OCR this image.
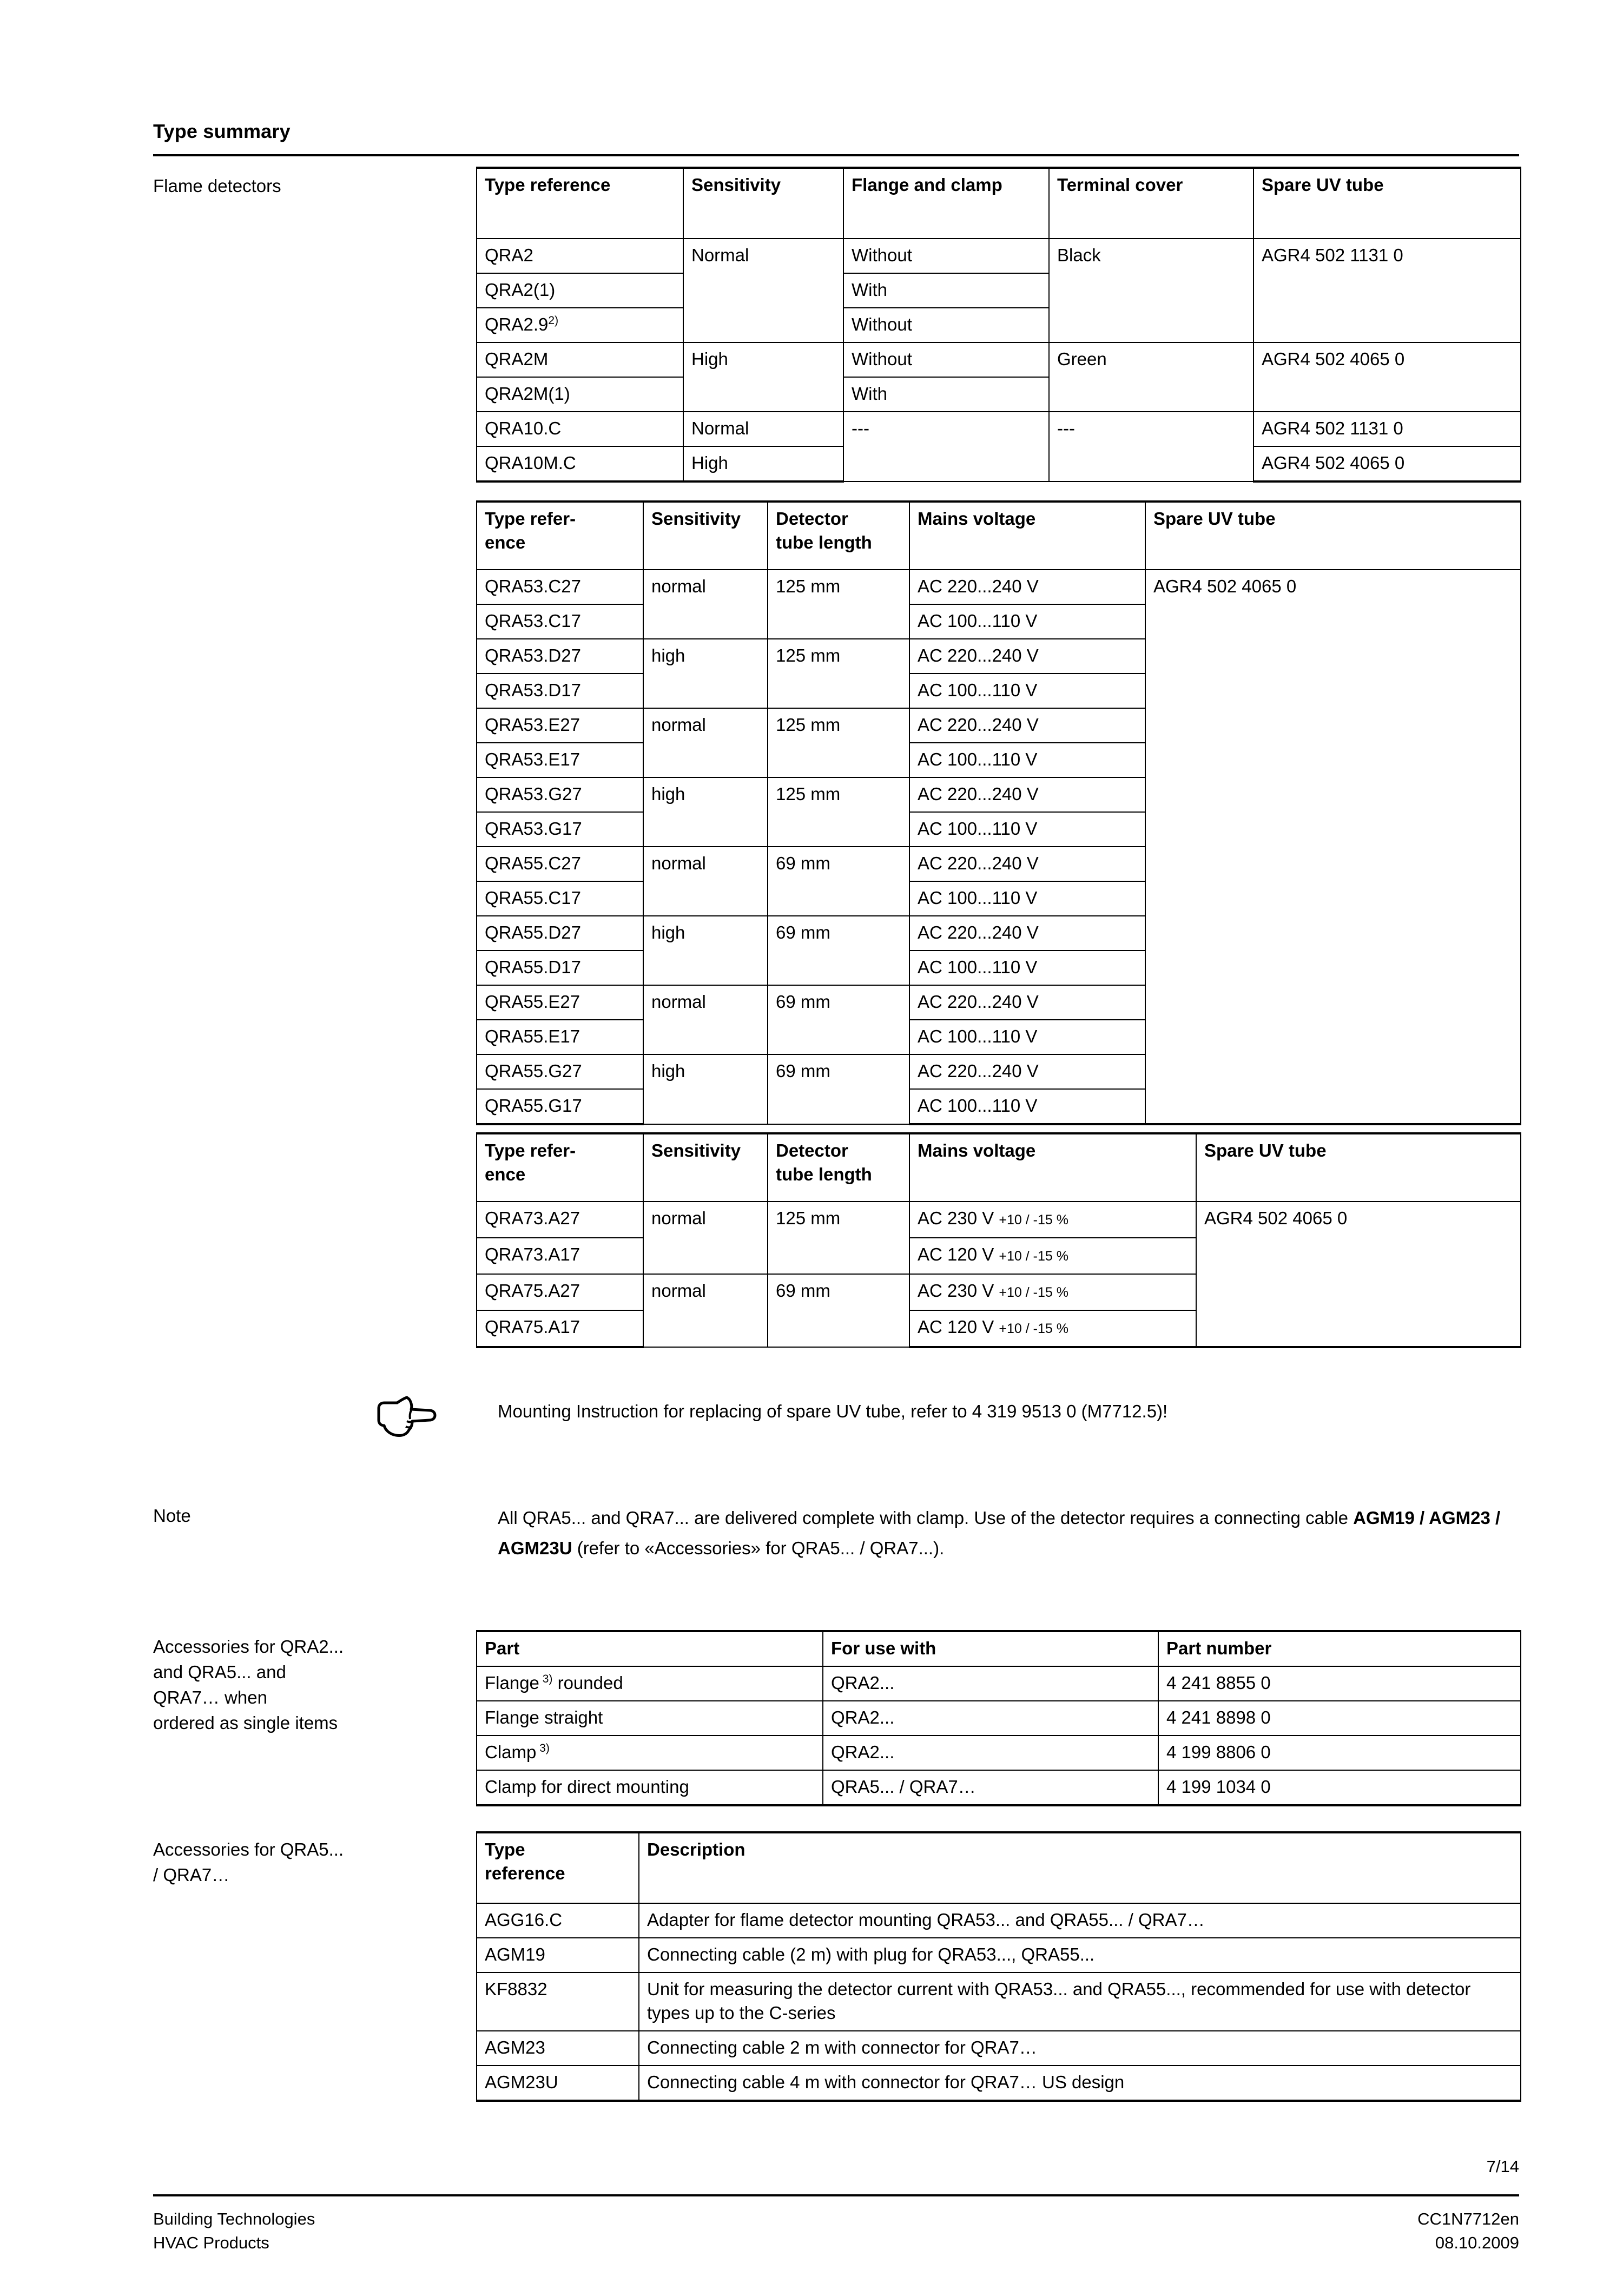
Type summary
Flame detectors	Type reference	Sensitivity	Flange and clamp	Terminal cover	Spare UV tube
QRA2	Normal	Without	Black	AGR4 502 1131 0
QRA2(1)		With		
QRA2.9$^{2)}$		Without		
QRA2M	High	Without	Green	AGR4 502 4065 0
QRA2M(1)		With		
QRA10.C	Normal	---	---	AGR4 502 1131 0
QRA10M.C	High			AGR4 502 4065 0
Type refer-
ence	Sensitivity	Detector
tube length	Mains voltage	Spare UV tube
QRA53.C27	normal	125 mm	AC 220...240 V	AGR4 502 4065 0
QRA53.C17			AC 100...110 V	
QRA53.D27	high	125 mm	AC 220...240 V	
QRA53.D17			AC 100...110 V	
QRA53.E27	normal	125 mm	AC 220...240 V	
QRA53.E17			AC 100...110 V	
QRA53.G27	high	125 mm	AC 220...240 V	
QRA53.G17			AC 100...110 V	
QRA55.C27	normal	69 mm	AC 220...240 V	
QRA55.C17			AC 100...110 V	
QRA55.D27	high	69 mm	AC 220...240 V	
QRA55.D17			AC 100...110 V	
QRA55.E27	normal	69 mm	AC 220...240 V	
QRA55.E17			AC 100...110 V	
QRA55.G27	high	69 mm	AC 220...240 V	
QRA55.G17			AC 100...110 V	
Type refer-
ence	Sensitivity	Detector
tube length	Mains voltage	Spare UV tube
QRA73.A27	normal	125 mm	AC 230 V +10 / -15 %	AGR4 502 4065 0
QRA73.A17			AC 120 V +10 / -15 %	
QRA75.A27	normal	69 mm	AC 230 V +10 / -15 %	
QRA75.A17			AC 120 V +10 / -15 %	
Mounting Instruction for replacing of spare UV tube, refer to 4 319 9513 0 (M7712.5)!
Note	All QRA5... and QRA7... are delivered complete with clamp. Use of the detector requires a connecting cable AGM19 / AGM23 / AGM23U (refer to «Accessories» for QRA5... / QRA7...).
Accessories for QRA2...
and QRA5... and
QRA7… when
ordered as single items
Part	For use with	Part number
Flange $^{3)}$ rounded	QRA2...	4 241 8855 0
Flange straight	QRA2...	4 241 8898 0
Clamp $^{3)}$	QRA2...	4 199 8806 0
Clamp for direct mounting	QRA5... / QRA7…	4 199 1034 0
Accessories for QRA5...
/ QRA7…
Type
reference	Description
AGG16.C	Adapter for flame detector mounting QRA53... and QRA55... / QRA7…
AGM19	Connecting cable (2 m) with plug for QRA53..., QRA55...
KF8832	Unit for measuring the detector current with QRA53... and QRA55..., recommended for use with detector types up to the C-series
AGM23	Connecting cable 2 m with connector for QRA7…
AGM23U	Connecting cable 4 m with connector for QRA7… US design
7/14
Building Technologies
HVAC Products
CC1N7712en
08.10.2009
